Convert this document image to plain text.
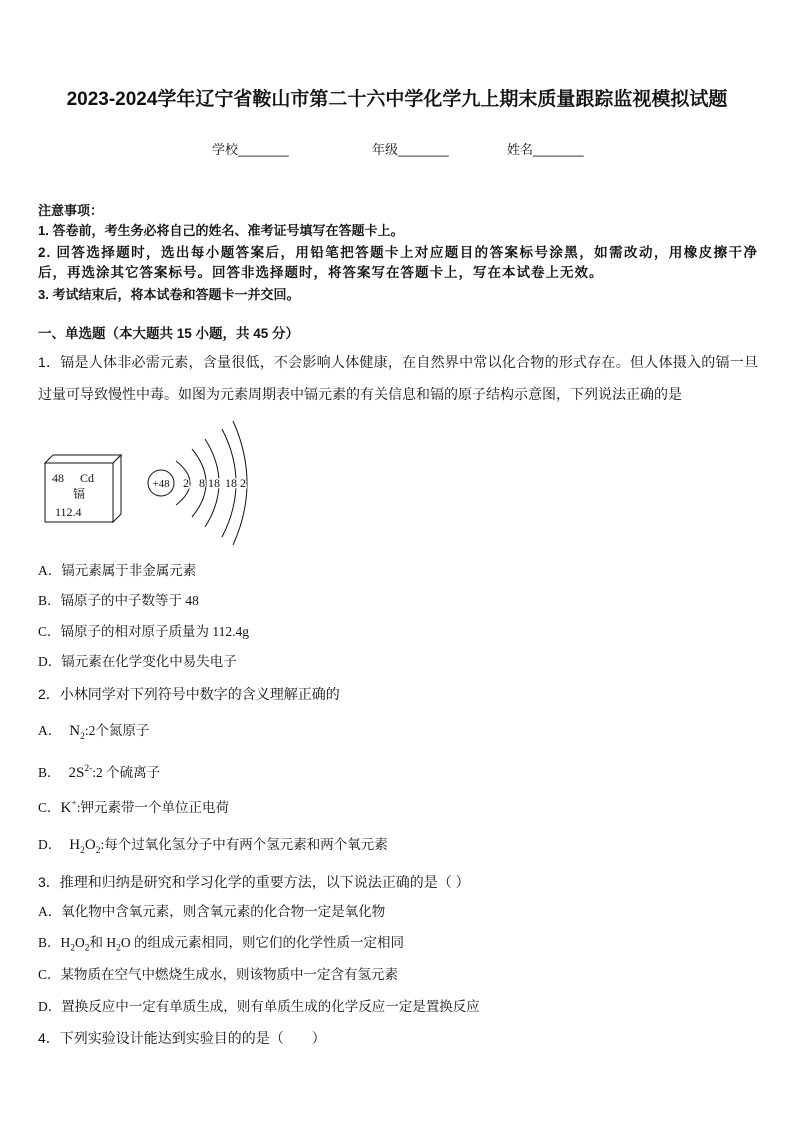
2023-2024学年辽宁省鞍山市第二十六中学化学九上期末质量跟踪监视模拟试题
学校_______	年级_______	姓名_______
注意事项：
1. 答卷前，考生务必将自己的姓名、准考证号填写在答题卡上。
2. 回答选择题时，选出每小题答案后，用铅笔把答题卡上对应题目的答案标号涂黑，如需改动，用橡皮擦干净后，再选涂其它答案标号。回答非选择题时，将答案写在答题卡上，写在本试卷上无效。
3. 考试结束后，将本试卷和答题卡一并交回。
一、单选题（本大题共 15 小题，共 45 分）
1．镉是人体非必需元素，含量很低，不会影响人体健康，在自然界中常以化合物的形式存在。但人体摄入的镉一旦过量可导致慢性中毒。如图为元素周期表中镉元素的有关信息和镉的原子结构示意图，下列说法正确的是
48 Cd
镉
112.4
+48 2 8 18 18 2
A．镉元素属于非金属元素
B．镉原子的中子数等于 48
C．镉原子的相对原子质量为 112.4g
D．镉元素在化学变化中易失电子
2．小林同学对下列符号中数字的含义理解正确的
A． $N_2:2$个氮原子
B． $2S^{2-}:2$ 个硫离子
C．K+:钾元素带一个单位正电荷
D． $H_2O_2$:每个过氧化氢分子中有两个氢元素和两个氧元素
3．推理和归纳是研究和学习化学的重要方法，以下说法正确的是（ ）
A．氧化物中含氧元素，则含氧元素的化合物一定是氧化物
B．$H_2O_2$和 $H_2O$ 的组成元素相同，则它们的化学性质一定相同
C．某物质在空气中燃烧生成水，则该物质中一定含有氢元素
D．置换反应中一定有单质生成，则有单质生成的化学反应一定是置换反应
4．下列实验设计能达到实验目的的是（　　）
